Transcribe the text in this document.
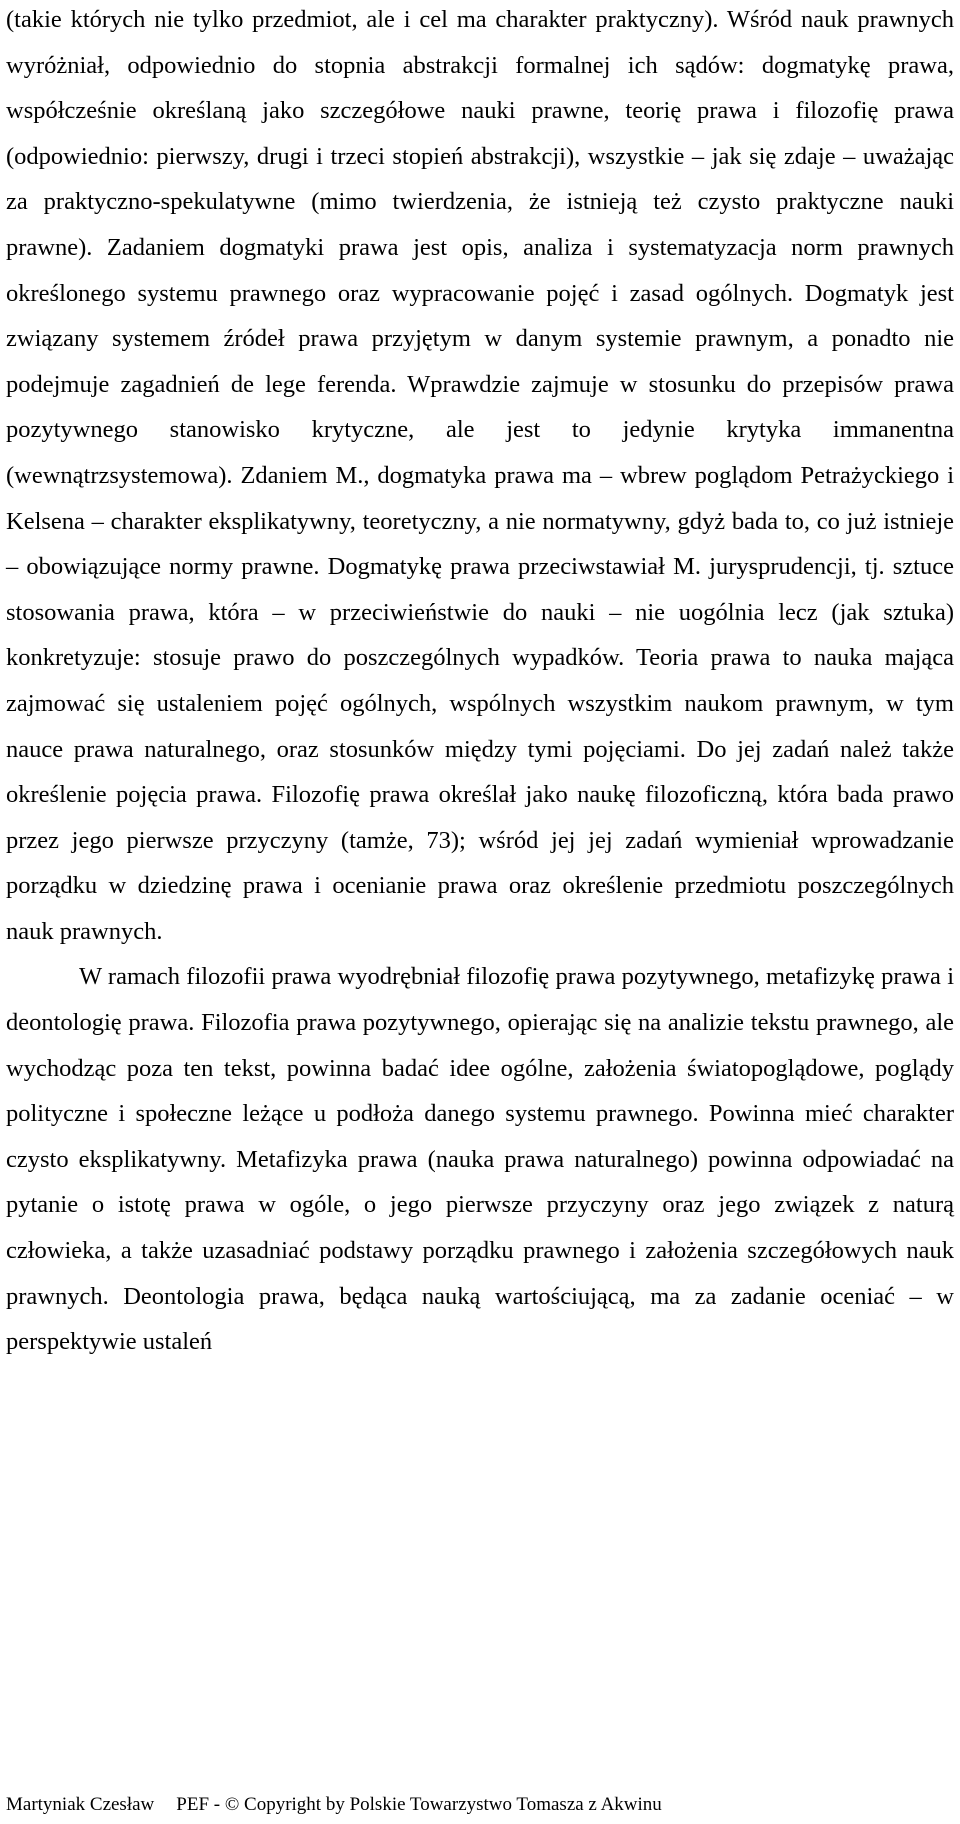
(takie których nie tylko przedmiot, ale i cel ma charakter praktyczny). Wśród nauk prawnych wyróżniał, odpowiednio do stopnia abstrakcji formalnej ich sądów: dogmatykę prawa, współcześnie określaną jako szczegółowe nauki prawne, teorię prawa i filozofię prawa (odpowiednio: pierwszy, drugi i trzeci stopień abstrakcji), wszystkie – jak się zdaje – uważając za praktyczno-spekulatywne (mimo twierdzenia, że istnieją też czysto praktyczne nauki prawne). Zadaniem dogmatyki prawa jest opis, analiza i systematyzacja norm prawnych określonego systemu prawnego oraz wypracowanie pojęć i zasad ogólnych. Dogmatyk jest związany systemem źródeł prawa przyjętym w danym systemie prawnym, a ponadto nie podejmuje zagadnień de lege ferenda. Wprawdzie zajmuje w stosunku do przepisów prawa pozytywnego stanowisko krytyczne, ale jest to jedynie krytyka immanentna (wewnątrzsystemowa). Zdaniem M., dogmatyka prawa ma – wbrew poglądom Petrażyckiego i Kelsena – charakter eksplikatywny, teoretyczny, a nie normatywny, gdyż bada to, co już istnieje – obowiązujące normy prawne. Dogmatykę prawa przeciwstawiał M. jurysprudencji, tj. sztuce stosowania prawa, która – w przeciwieństwie do nauki – nie uogólnia lecz (jak sztuka) konkretyzuje: stosuje prawo do poszczególnych wypadków. Teoria prawa to nauka mająca zajmować się ustaleniem pojęć ogólnych, wspólnych wszystkim naukom prawnym, w tym nauce prawa naturalnego, oraz stosunków między tymi pojęciami. Do jej zadań należ także określenie pojęcia prawa. Filozofię prawa określał jako naukę filozoficzną, która bada prawo przez jego pierwsze przyczyny (tamże, 73); wśród jej jej zadań wymieniał wprowadzanie porządku w dziedzinę prawa i ocenianie prawa oraz określenie przedmiotu poszczególnych nauk prawnych.

W ramach filozofii prawa wyodrębniał filozofię prawa pozytywnego, metafizykę prawa i deontologię prawa. Filozofia prawa pozytywnego, opierając się na analizie tekstu prawnego, ale wychodząc poza ten tekst, powinna badać idee ogólne, założenia światopoglądowe, poglądy polityczne i społeczne leżące u podłoża danego systemu prawnego. Powinna mieć charakter czysto eksplikatywny. Metafizyka prawa (nauka prawa naturalnego) powinna odpowiadać na pytanie o istotę prawa w ogóle, o jego pierwsze przyczyny oraz jego związek z naturą człowieka, a także uzasadniać podstawy porządku prawnego i założenia szczegółowych nauk prawnych. Deontologia prawa, będąca nauką wartościującą, ma za zadanie oceniać – w perspektywie ustaleń

Martyniak Czesław PEF - © Copyright by Polskie Towarzystwo Tomasza z Akwinu
